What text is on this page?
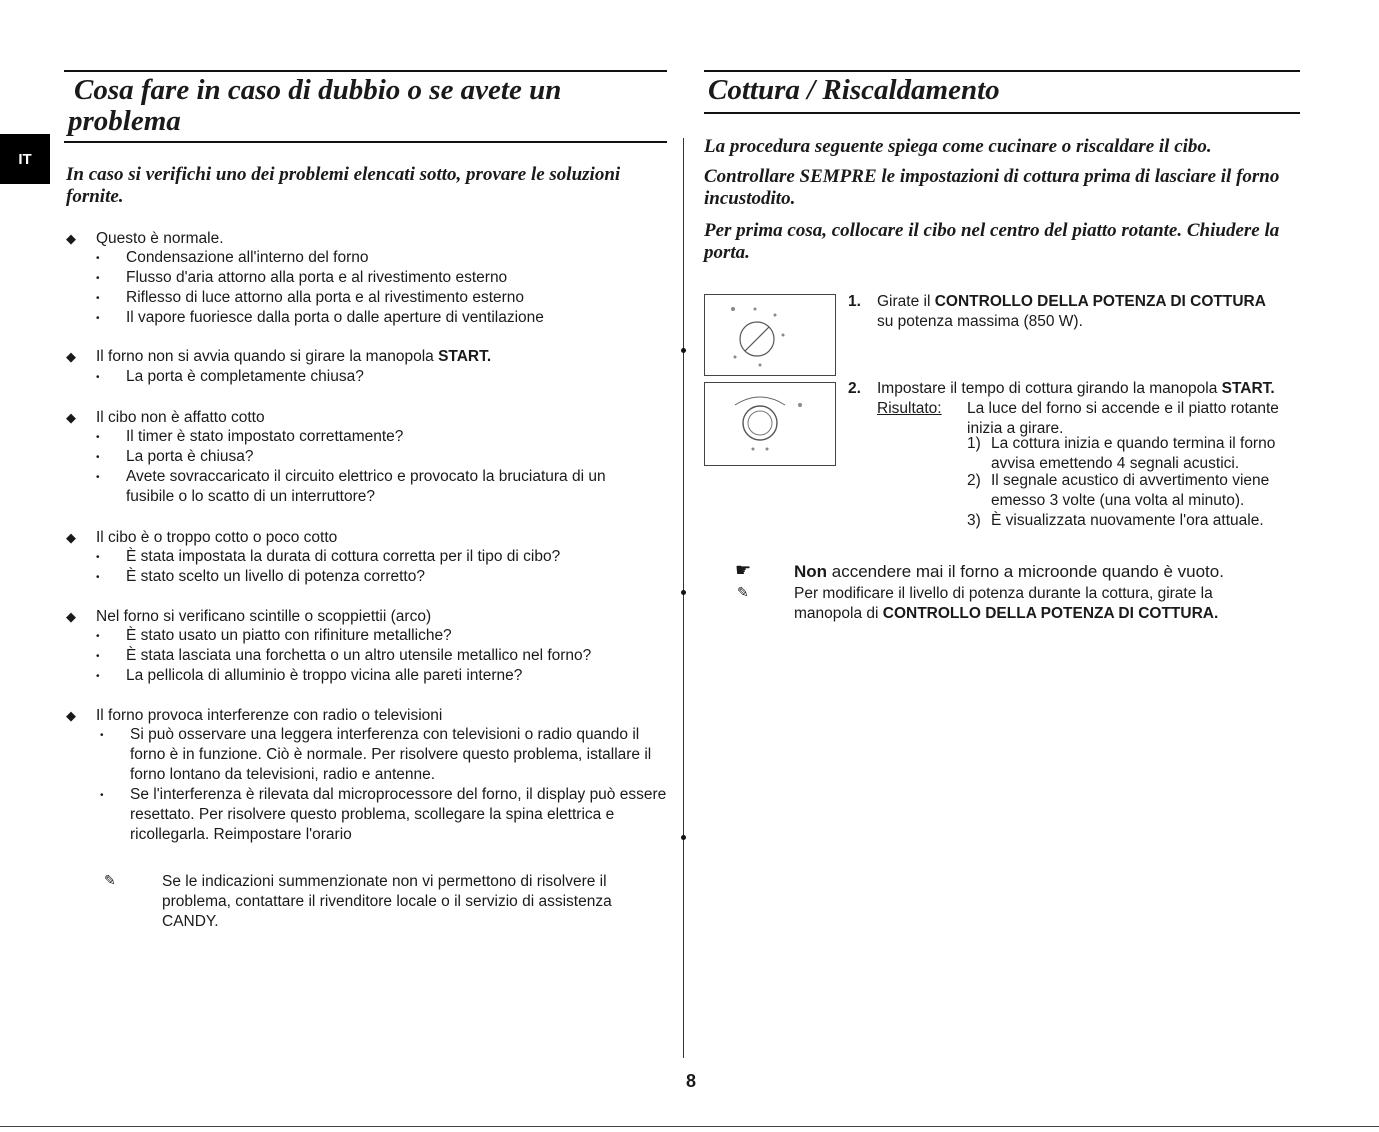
IT
Cosa fare in caso di dubbio o se avete un
problema
In caso si verifichi uno dei problemi elencati sotto, provare le soluzioni
fornite.
◆ Questo è normale.
• Condensazione all'interno del forno
• Flusso d'aria attorno alla porta e al rivestimento esterno
• Riflesso di luce attorno alla porta e al rivestimento esterno
• Il vapore fuoriesce dalla porta o dalle aperture di ventilazione
◆ Il forno non si avvia quando si girare la manopola START.
• La porta è completamente chiusa?
◆ Il cibo non è affatto cotto
• Il timer è stato impostato correttamente?
• La porta è chiusa?
• Avete sovraccaricato il circuito elettrico e provocato la bruciatura di un fusibile o lo scatto di un interruttore?
◆ Il cibo è o troppo cotto o poco cotto
• È stata impostata la durata di cottura corretta per il tipo di cibo?
• È stato scelto un livello di potenza corretto?
◆ Nel forno si verificano scintille o scoppiettii (arco)
• È stato usato un piatto con rifiniture metalliche?
• È stata lasciata una forchetta o un altro utensile metallico nel forno?
• La pellicola di alluminio è troppo vicina alle pareti interne?
◆ Il forno provoca interferenze con radio o televisioni
• Si può osservare una leggera interferenza con televisioni o radio quando il forno è in funzione. Ciò è normale. Per risolvere questo problema, istallare il forno lontano da televisioni, radio e antenne.
• Se l'interferenza è rilevata dal microprocessore del forno, il display può essere resettato. Per risolvere questo problema, scollegare la spina elettrica e ricollegarla. Reimpostare l'orario
✎	Se le indicazioni summenzionate non vi permettono di risolvere il problema, contattare il rivenditore locale o il servizio di assistenza CANDY.
8
Cottura / Riscaldamento
La procedura seguente spiega come cucinare o riscaldare il cibo.
Controllare SEMPRE le impostazioni di cottura prima di lasciare il forno incustodito.
Per prima cosa, collocare il cibo nel centro del piatto rotante. Chiudere la porta.
1. Girate il CONTROLLO DELLA POTENZA DI COTTURA
su potenza massima (850 W).
2. Impostare il tempo di cottura girando la manopola START.
Risultato: La luce del forno si accende e il piatto rotante inizia a girare.
1) La cottura inizia e quando termina il forno avvisa emettendo 4 segnali acustici.
2) Il segnale acustico di avvertimento viene emesso 3 volte (una volta al minuto).
3) È visualizzata nuovamente l'ora attuale.
☛	Non accendere mai il forno a microonde quando è vuoto.
✎	Per modificare il livello di potenza durante la cottura, girate la manopola di CONTROLLO DELLA POTENZA DI COTTURA.
